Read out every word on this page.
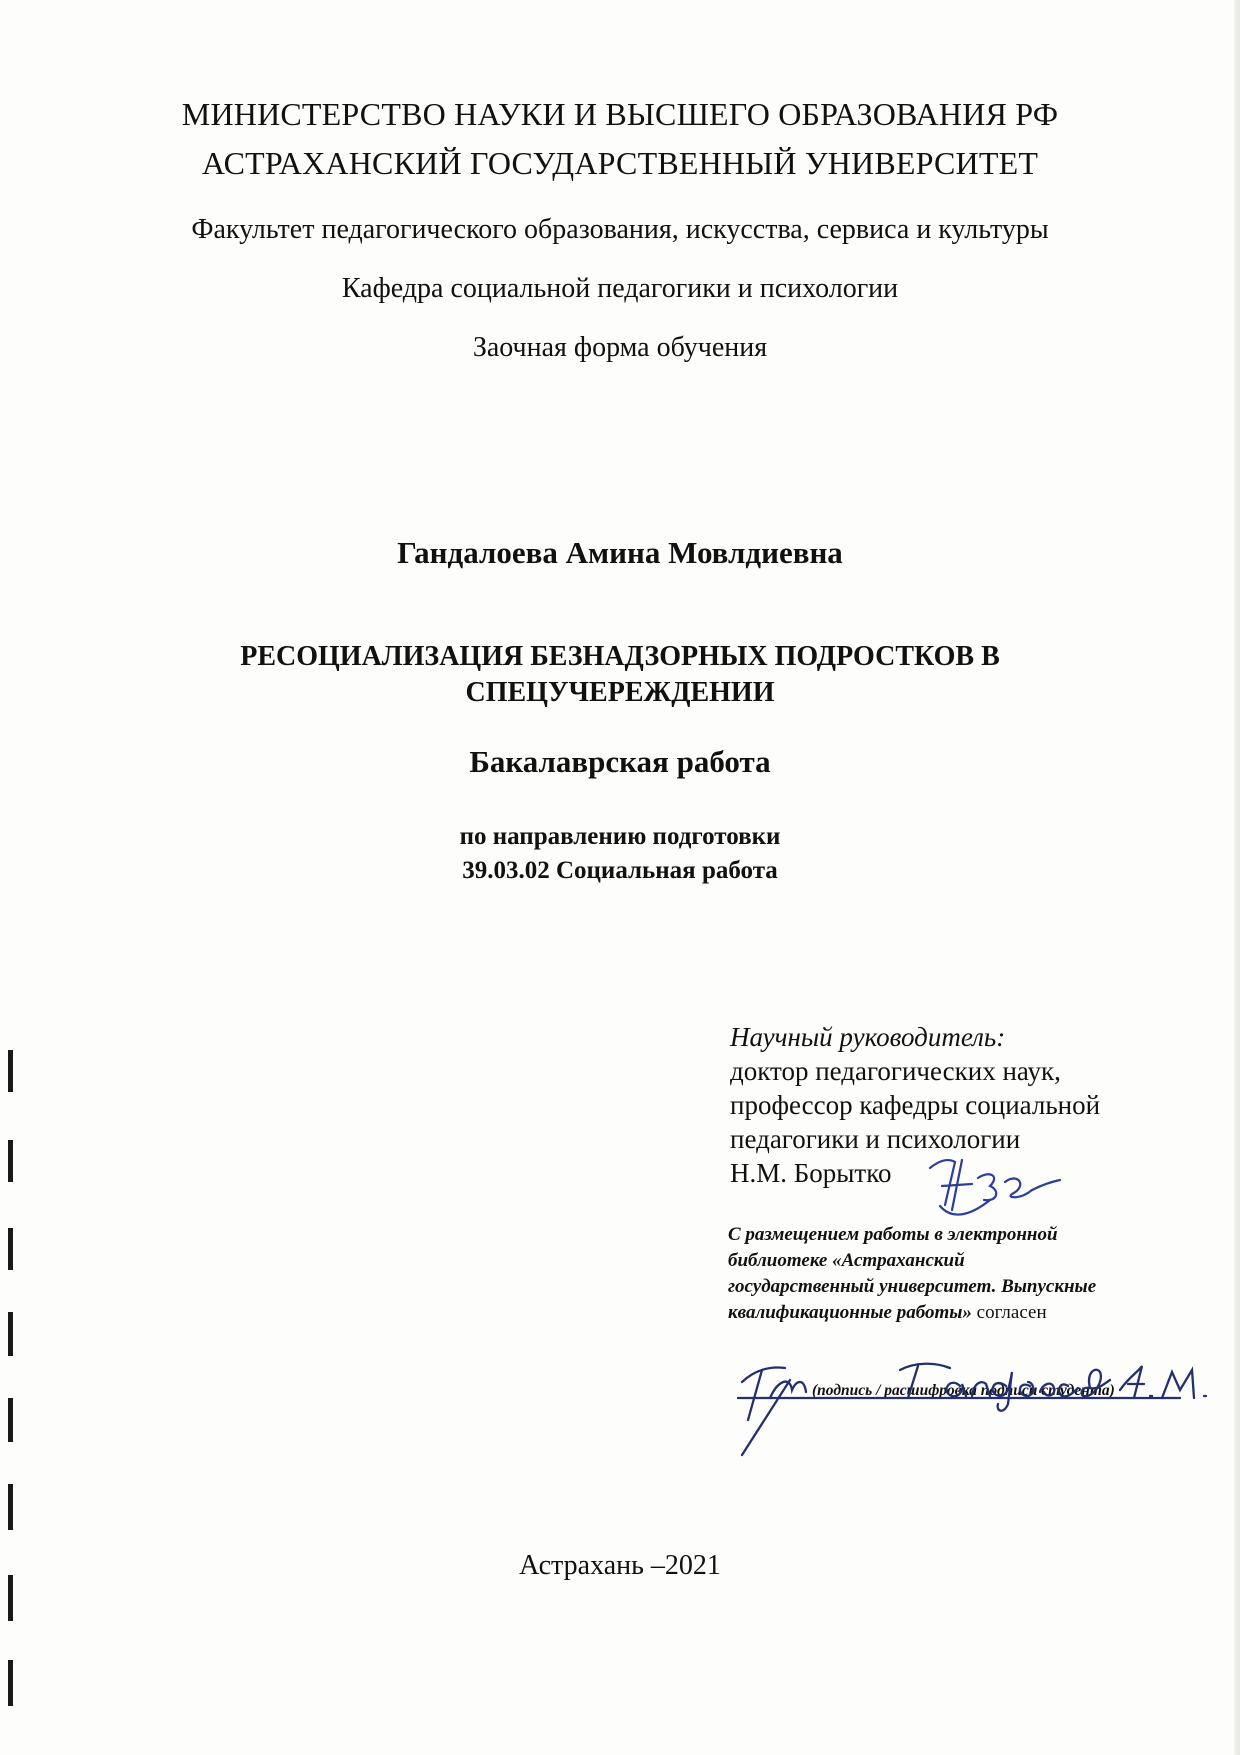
МИНИСТЕРСТВО НАУКИ И ВЫСШЕГО ОБРАЗОВАНИЯ РФ
АСТРАХАНСКИЙ ГОСУДАРСТВЕННЫЙ УНИВЕРСИТЕТ
Факультет педагогического образования, искусства, сервиса и культуры
Кафедра социальной педагогики и психологии
Заочная форма обучения
Гандалоева Амина Мовлдиевна
РЕСОЦИАЛИЗАЦИЯ БЕЗНАДЗОРНЫХ ПОДРОСТКОВ В
СПЕЦУЧЕРЕЖДЕНИИ
Бакалаврская работа
по направлению подготовки
39.03.02 Социальная работа
Научный руководитель:
доктор педагогических наук,
профессор кафедры социальной
педагогики и психологии
Н.М. Борытко
С размещением работы в электронной
библиотеке «Астраханский
государственный университет. Выпускные
квалификационные работы» согласен
(подпись / расшифровка подписи студента)
Астрахань –2021
